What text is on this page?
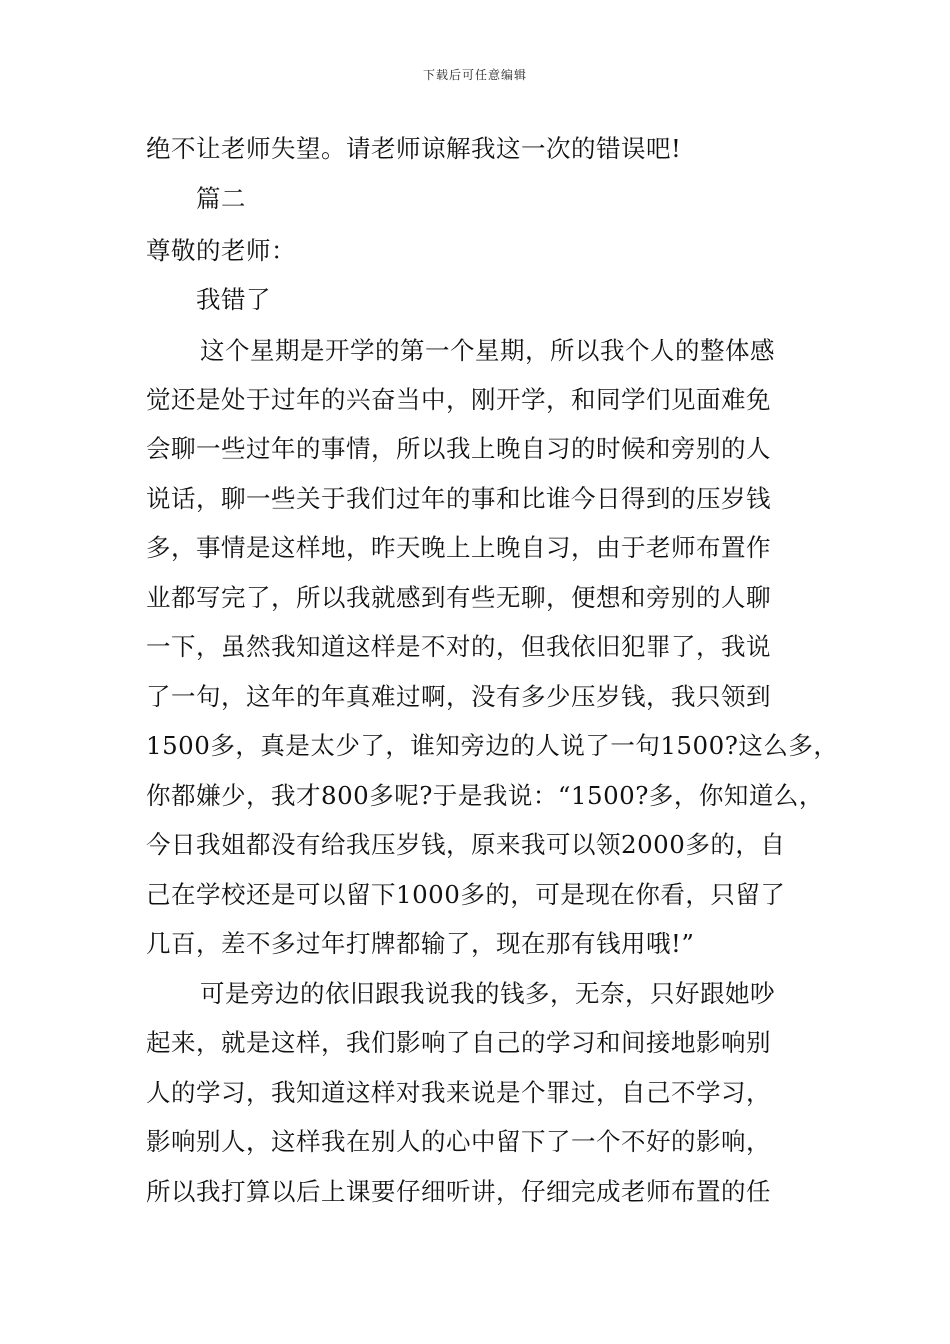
下载后可任意编辑
绝不让老师失望。请老师谅解我这一次的错误吧!
篇二
尊敬的老师：
我错了
这个星期是开学的第一个星期，所以我个人的整体感
觉还是处于过年的兴奋当中，刚开学，和同学们见面难免
会聊一些过年的事情，所以我上晚自习的时候和旁别的人
说话，聊一些关于我们过年的事和比谁今日得到的压岁钱
多，事情是这样地，昨天晚上上晚自习，由于老师布置作
业都写完了，所以我就感到有些无聊，便想和旁别的人聊
一下，虽然我知道这样是不对的，但我依旧犯罪了，我说
了一句，这年的年真难过啊，没有多少压岁钱，我只领到
1500多，真是太少了，谁知旁边的人说了一句1500?这么多，
你都嫌少，我才800多呢?于是我说：“1500?多，你知道么，
今日我姐都没有给我压岁钱，原来我可以领2000多的，自
己在学校还是可以留下1000多的，可是现在你看，只留了
几百，差不多过年打牌都输了，现在那有钱用哦!”
可是旁边的依旧跟我说我的钱多，无奈，只好跟她吵
起来，就是这样，我们影响了自己的学习和间接地影响别
人的学习，我知道这样对我来说是个罪过，自己不学习，
影响别人，这样我在别人的心中留下了一个不好的影响，
所以我打算以后上课要仔细听讲，仔细完成老师布置的任
